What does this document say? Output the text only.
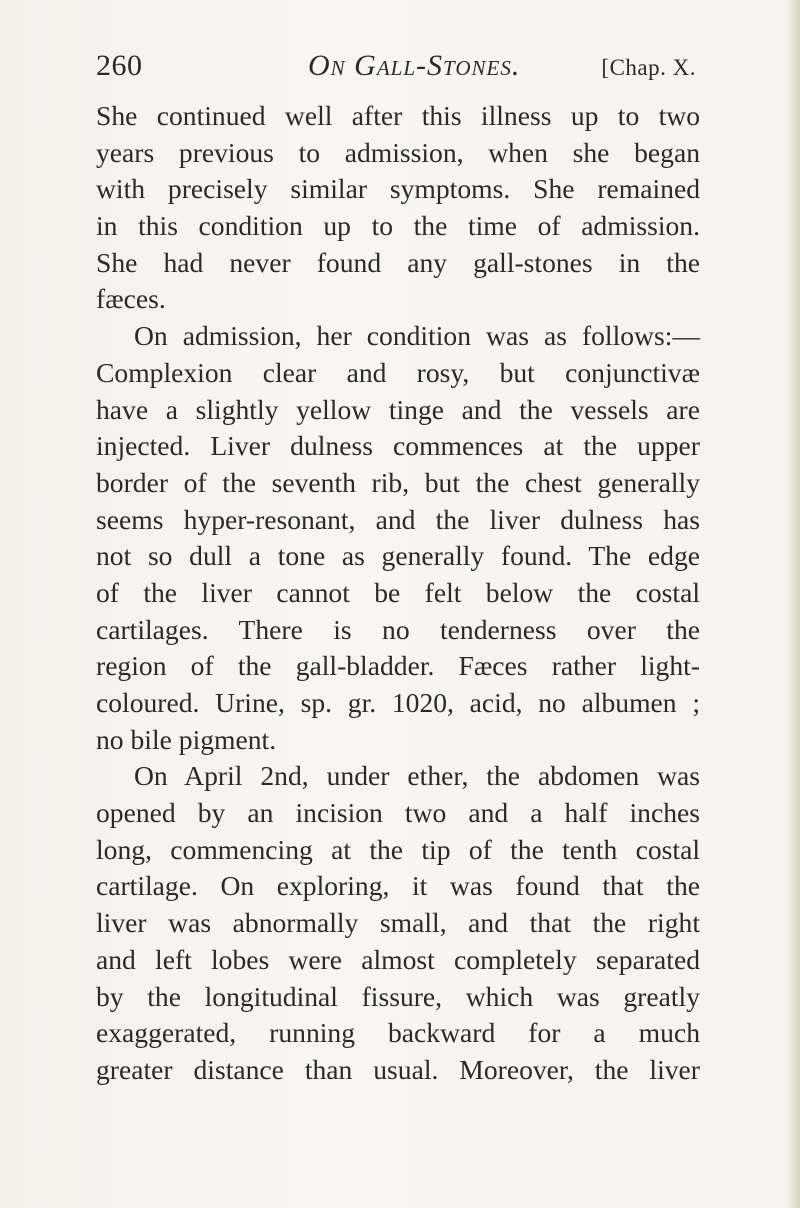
260	On Gall-Stones.	[Chap. X.
She continued well after this illness up to two
years previous to admission, when she began
with precisely similar symptoms. She remained
in this condition up to the time of admission.
She had never found any gall-stones in the
fæces.
On admission, her condition was as follows:—
Complexion clear and rosy, but conjunctivæ
have a slightly yellow tinge and the vessels are
injected. Liver dulness commences at the upper
border of the seventh rib, but the chest generally
seems hyper-resonant, and the liver dulness has
not so dull a tone as generally found. The edge
of the liver cannot be felt below the costal
cartilages. There is no tenderness over the
region of the gall-bladder. Fæces rather light-
coloured. Urine, sp. gr. 1020, acid, no albumen ;
no bile pigment.
On April 2nd, under ether, the abdomen was
opened by an incision two and a half inches
long, commencing at the tip of the tenth costal
cartilage. On exploring, it was found that the
liver was abnormally small, and that the right
and left lobes were almost completely separated
by the longitudinal fissure, which was greatly
exaggerated, running backward for a much
greater distance than usual. Moreover, the liver
